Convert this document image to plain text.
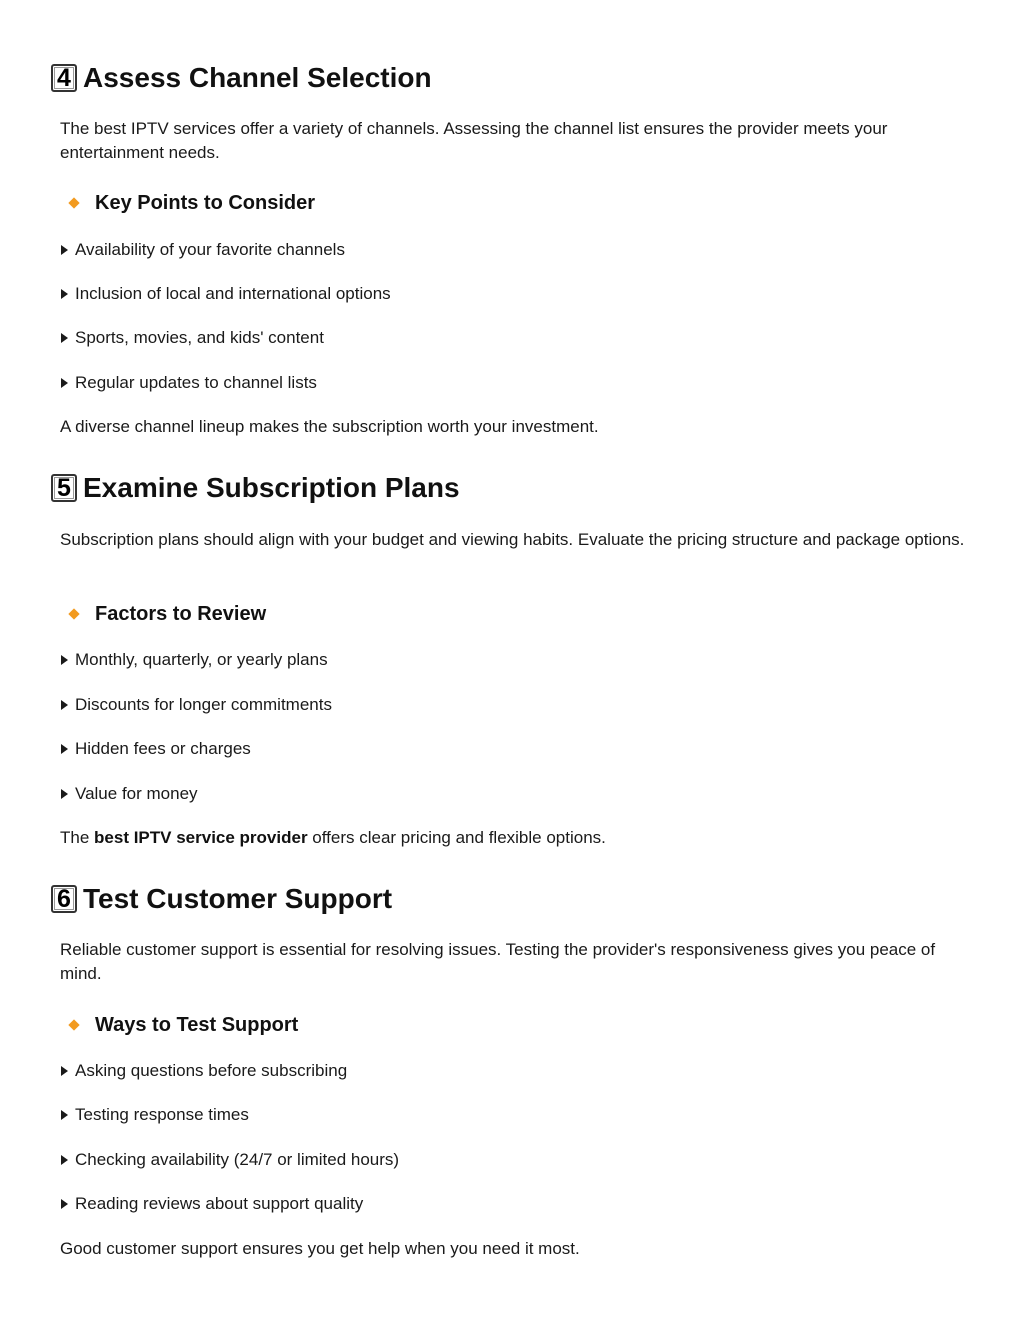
4 Assess Channel Selection
The best IPTV services offer a variety of channels. Assessing the channel list ensures the provider meets your entertainment needs.
Key Points to Consider
Availability of your favorite channels
Inclusion of local and international options
Sports, movies, and kids' content
Regular updates to channel lists
A diverse channel lineup makes the subscription worth your investment.
5 Examine Subscription Plans
Subscription plans should align with your budget and viewing habits. Evaluate the pricing structure and package options.
Factors to Review
Monthly, quarterly, or yearly plans
Discounts for longer commitments
Hidden fees or charges
Value for money
The best IPTV service provider offers clear pricing and flexible options.
6 Test Customer Support
Reliable customer support is essential for resolving issues. Testing the provider's responsiveness gives you peace of mind.
Ways to Test Support
Asking questions before subscribing
Testing response times
Checking availability (24/7 or limited hours)
Reading reviews about support quality
Good customer support ensures you get help when you need it most.
